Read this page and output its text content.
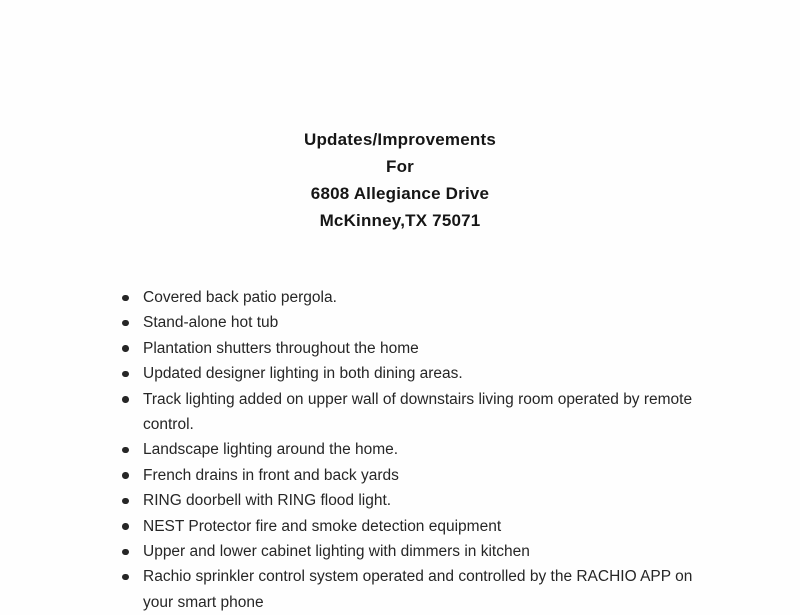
Updates/Improvements
For
6808 Allegiance Drive
McKinney,TX 75071
Covered back patio pergola.
Stand-alone hot tub
Plantation shutters throughout the home
Updated designer lighting in both dining areas.
Track lighting added on upper wall of downstairs living room operated by remote control.
Landscape lighting around the home.
French drains in front and back yards
RING doorbell with RING flood light.
NEST Protector fire and smoke detection equipment
Upper and lower cabinet lighting with dimmers in kitchen
Rachio sprinkler control system operated and controlled by the RACHIO APP on your smart phone
